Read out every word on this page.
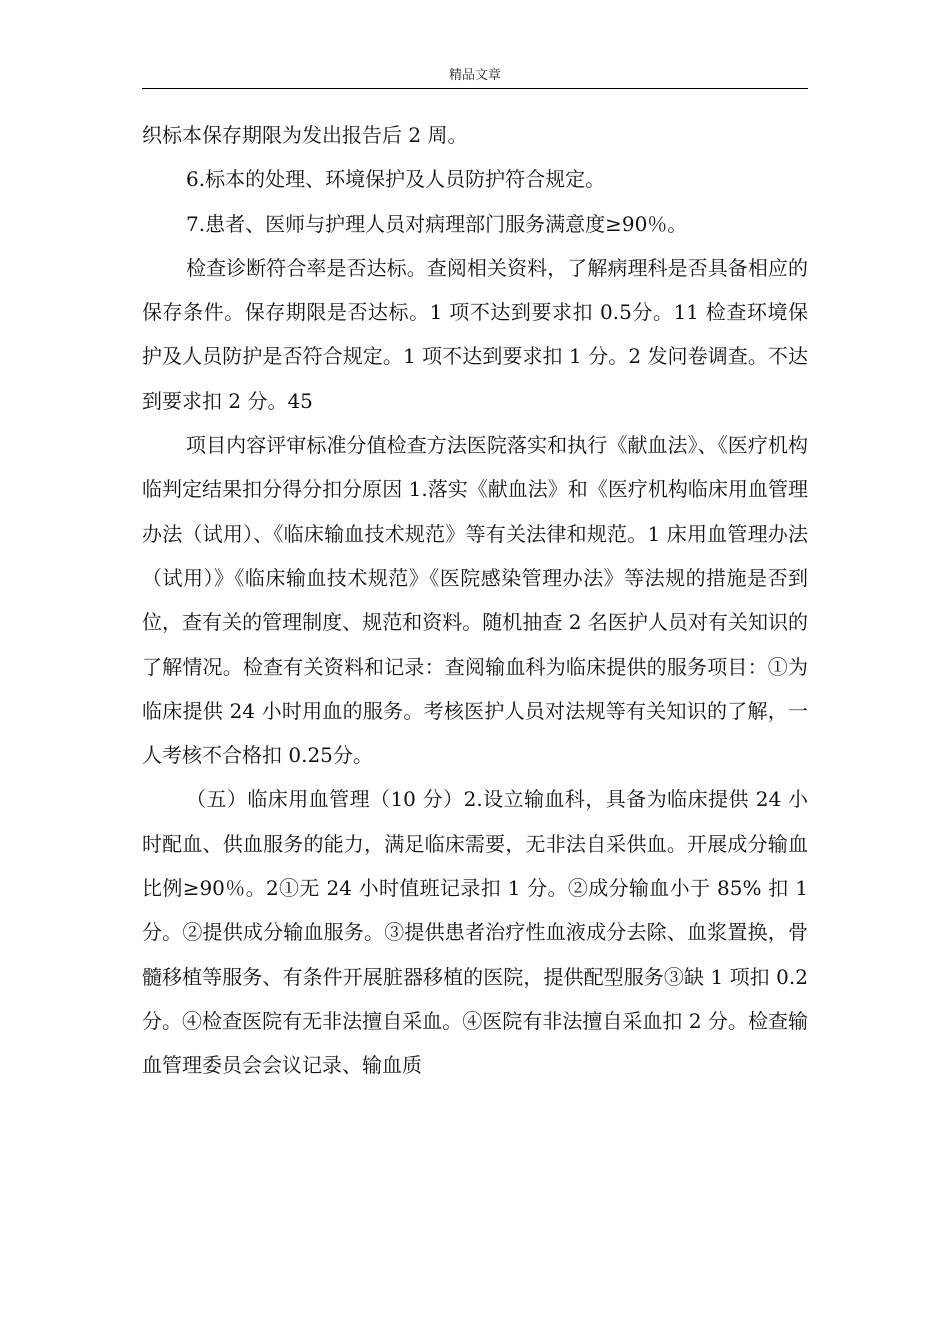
精品文章

织标本保存期限为发出报告后 2 周。

6.标本的处理、环境保护及人员防护符合规定。

7.患者、医师与护理人员对病理部门服务满意度≥90％。

检查诊断符合率是否达标。查阅相关资料，了解病理科是否具备相应的保存条件。保存期限是否达标。1 项不达到要求扣 0.5分。11 检查环境保护及人员防护是否符合规定。1 项不达到要求扣 1 分。2 发问卷调查。不达到要求扣 2 分。45

项目内容评审标准分值检查方法医院落实和执行《献血法》、《医疗机构临判定结果扣分得分扣分原因 1.落实《献血法》和《医疗机构临床用血管理办法（试用）、《临床输血技术规范》等有关法律和规范。1 床用血管理办法（试用）》《临床输血技术规范》《医院感染管理办法》等法规的措施是否到位，查有关的管理制度、规范和资料。随机抽查 2 名医护人员对有关知识的了解情况。检查有关资料和记录：查阅输血科为临床提供的服务项目：①为临床提供 24 小时用血的服务。考核医护人员对法规等有关知识的了解，一人考核不合格扣 0.25分。

（五）临床用血管理（10 分）2.设立输血科，具备为临床提供 24 小时配血、供血服务的能力，满足临床需要，无非法自采供血。开展成分输血比例≥90％。2①无 24 小时值班记录扣 1 分。②成分输血小于 85% 扣 1 分。②提供成分输血服务。③提供患者治疗性血液成分去除、血浆置换，骨髓移植等服务、有条件开展脏器移植的医院，提供配型服务③缺 1 项扣 0.2分。④检查医院有无非法擅自采血。④医院有非法擅自采血扣 2 分。检查输血管理委员会会议记录、输血质
